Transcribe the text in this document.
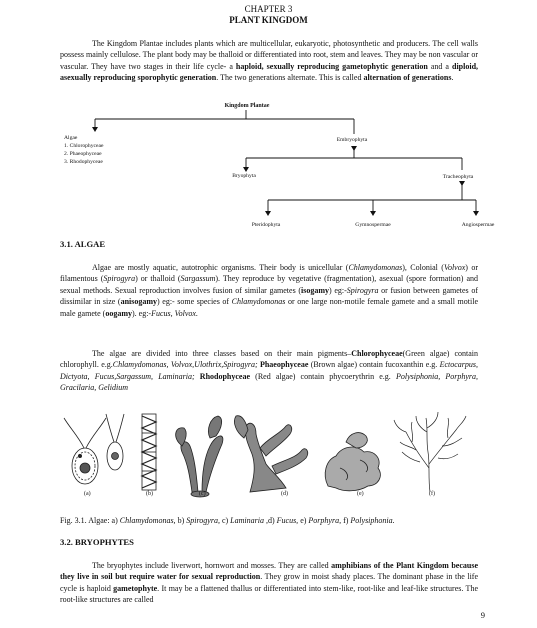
CHAPTER 3
PLANT KINGDOM
The Kingdom Plantae includes plants which are multicellular, eukaryotic, photosynthetic and producers. The cell walls possess mainly cellulose. The plant body may be thalloid or differentiated into root, stem and leaves. They may be non vascular or vascular. They have two stages in their life cycle- a haploid, sexually reproducing gametophytic generation and a diploid, asexually reproducing sporophytic generation. The two generations alternate. This is called alternation of generations.
Kingdom Plantae
Algae
1. Chlorophyceae
2. Phaeophyceae
3. Rhodophyceae
Embryophyta
Bryophyta	Tracheophyta
Pteridophyta	Gymnospermae	Angiospermae
3.1. ALGAE
Algae are mostly aquatic, autotrophic organisms. Their body is unicellular (Chlamydomonas), Colonial (Volvox) or filamentous (Spirogyra) or thalloid (Sargassum). They reproduce by vegetative (fragmentation), asexual (spore formation) and sexual methods. Sexual reproduction involves fusion of similar gametes (isogamy) eg:-Spirogyra or fusion between gametes of dissimilar in size (anisogamy) eg:- some species of Chlamydomonas or one large non-motile female gamete and a small motile male gamete (oogamy). eg:-Fucus, Volvox.
The algae are divided into three classes based on their main pigments–Chlorophyceae(Green algae) contain chlorophyll. e.g.Chlamydomonas, Volvox,Ulothrix,Spirogyra; Phaeophyceae (Brown algae) contain fucoxanthin e.g. Ectocarpus, Dictyota, Fucus,Sargassum, Laminaria; Rhodophyceae (Red algae) contain phycoerythrin e.g. Polysiphonia, Porphyra, Gracilaria, Gelidium
(a)	(b)	(c)	(d)	(e)	(f)
Fig. 3.1. Algae: a) Chlamydomonas, b) Spirogyra, c) Laminaria ,d) Fucus, e) Porphyra, f) Polysiphonia.
3.2. BRYOPHYTES
The bryophytes include liverwort, hornwort and mosses. They are called amphibians of the Plant Kingdom because they live in soil but require water for sexual reproduction. They grow in moist shady places. The dominant phase in the life cycle is haploid gametophyte. It may be a flattened thallus or differentiated into stem-like, root-like and leaf-like structures. The root-like structures are called
9
